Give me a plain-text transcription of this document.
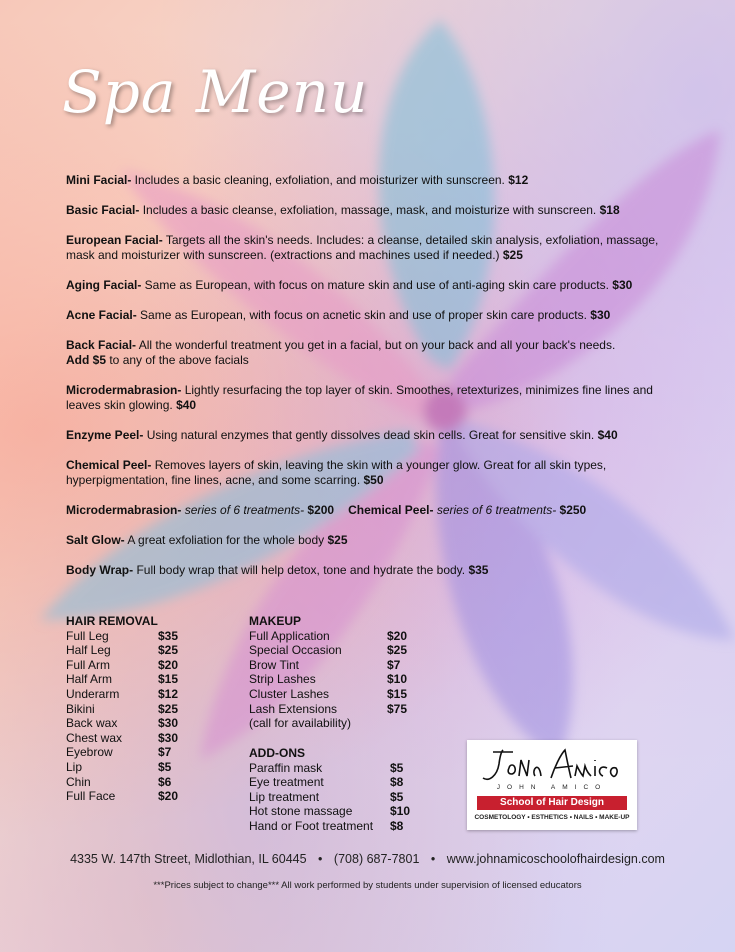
Spa Menu

Mini Facial- Includes a basic cleaning, exfoliation, and moisturizer with sunscreen. $12

Basic Facial- Includes a basic cleanse, exfoliation, massage, mask, and moisturize with sunscreen. $18

European Facial- Targets all the skin's needs. Includes: a cleanse, detailed skin analysis, exfoliation, massage, mask and moisturizer with sunscreen. (extractions and machines used if needed.) $25

Aging Facial- Same as European, with focus on mature skin and use of anti-aging skin care products. $30

Acne Facial- Same as European, with focus on acnetic skin and use of proper skin care products. $30

Back Facial- All the wonderful treatment you get in a facial, but on your back and all your back's needs.
Add $5 to any of the above facials

Microdermabrasion- Lightly resurfacing the top layer of skin. Smoothes, retexturizes, minimizes fine lines and leaves skin glowing. $40

Enzyme Peel- Using natural enzymes that gently dissolves dead skin cells. Great for sensitive skin. $40

Chemical Peel- Removes layers of skin, leaving the skin with a younger glow. Great for all skin types, hyperpigmentation, fine lines, acne, and some scarring. $50

Microdermabrasion- series of 6 treatments- $200 Chemical Peel- series of 6 treatments- $250

Salt Glow- A great exfoliation for the whole body $25

Body Wrap- Full body wrap that will help detox, tone and hydrate the body. $35

HAIR REMOVAL
Full Leg	$35
Half Leg	$25
Full Arm	$20
Half Arm	$15
Underarm	$12
Bikini	$25
Back wax	$30
Chest wax	$30
Eyebrow	$7
Lip	$5
Chin	$6
Full Face	$20
MAKEUP
Full Application	$20
Special Occasion	$25
Brow Tint	$7
Strip Lashes	$10
Cluster Lashes	$15
Lash Extensions	$75
(call for availability)
ADD-ONS
Paraffin mask	$5
Eye treatment	$8
Lip treatment	$5
Hot stone massage	$10
Hand or Foot treatment	$8
JOHN AMICO
School of Hair Design
COSMETOLOGY • ESTHETICS • NAILS • MAKE-UP
4335 W. 147th Street, Midlothian, IL 60445 • (708) 687-7801 • www.johnamicoschoolofhairdesign.com
***Prices subject to change*** All work performed by students under supervision of licensed educators
